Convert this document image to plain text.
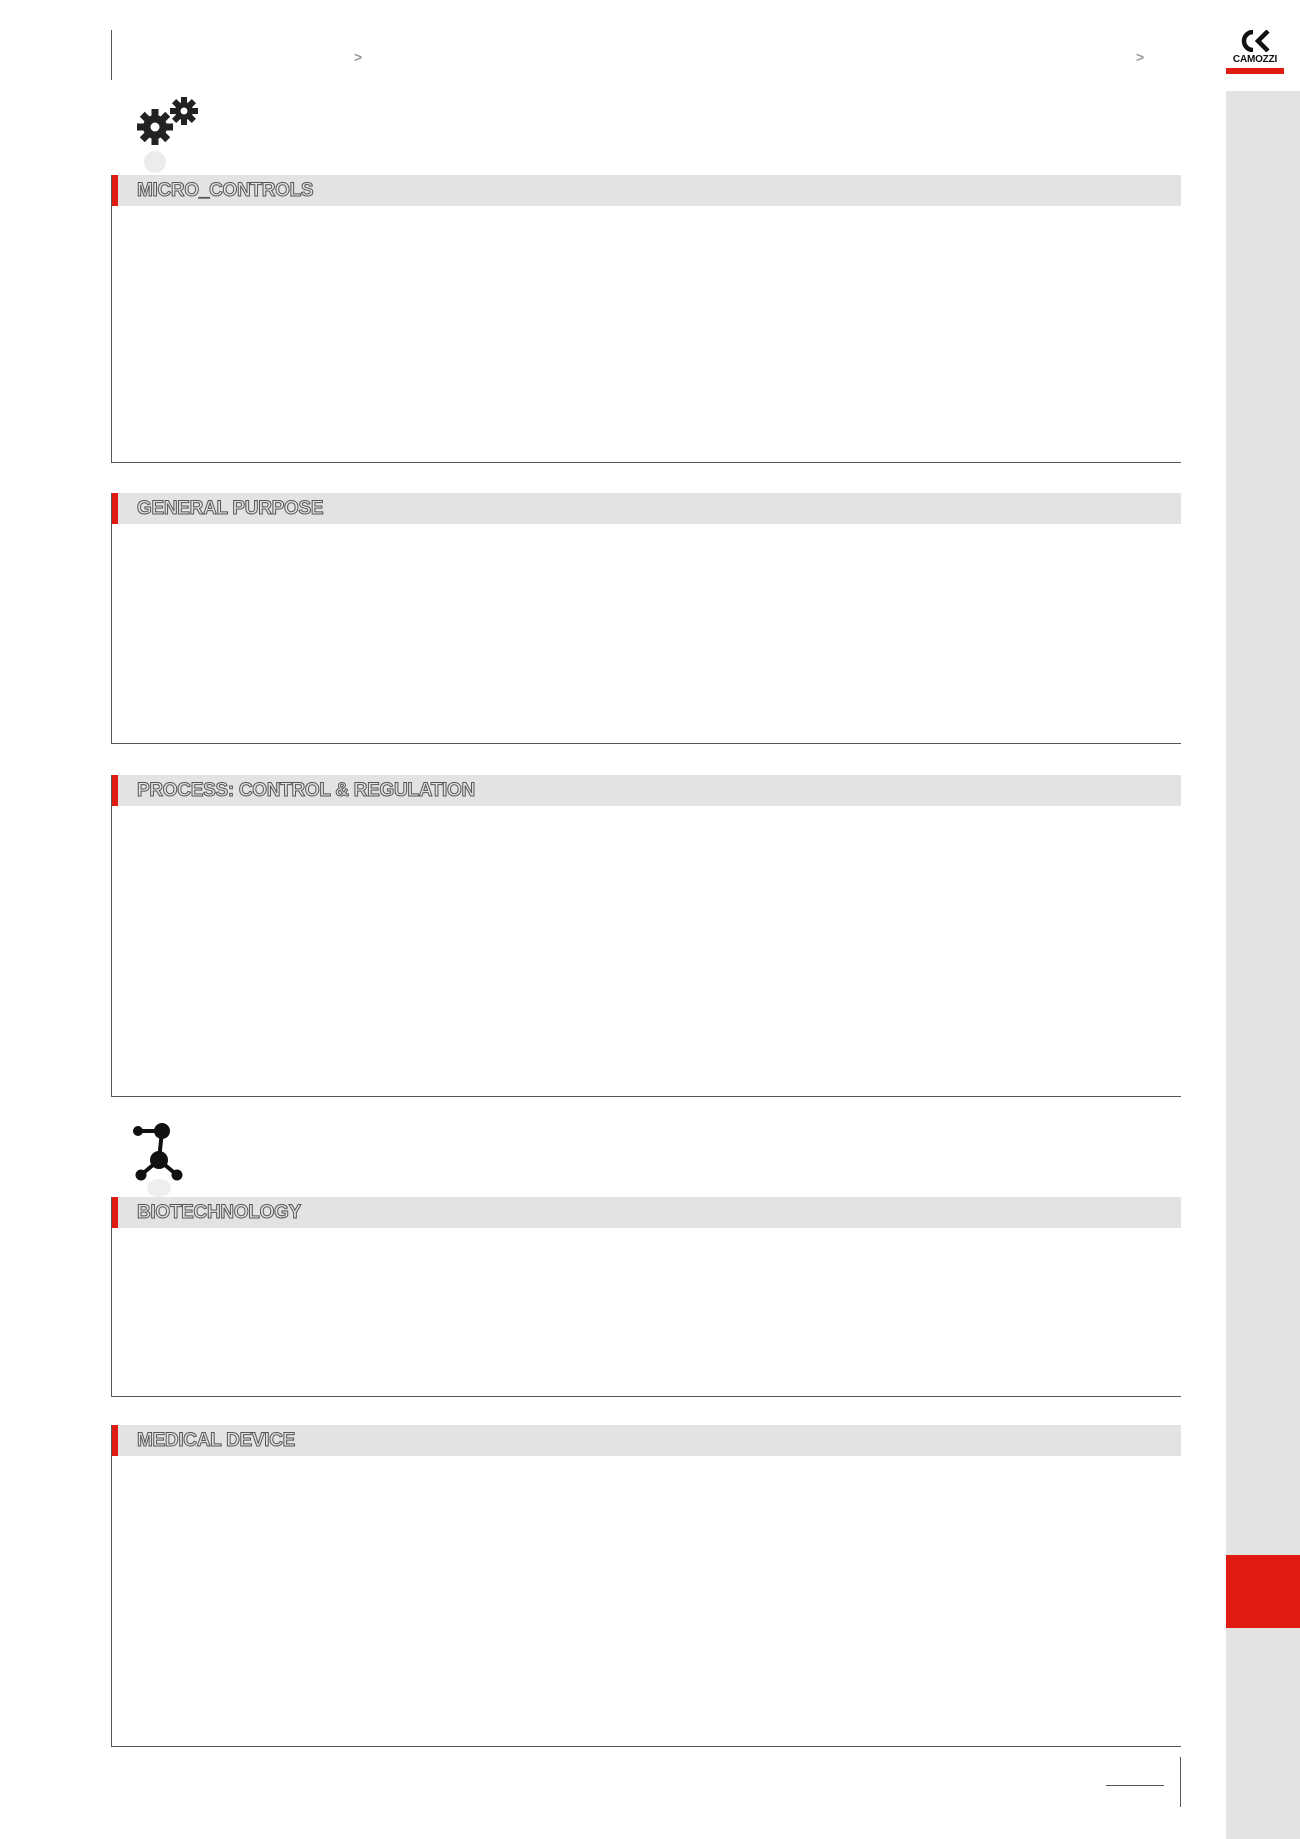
>	>	CAMOZZI
MICRO_CONTROLS
GENERAL PURPOSE
PROCESS: CONTROL & REGULATION
BIOTECHNOLOGY
MEDICAL DEVICE
